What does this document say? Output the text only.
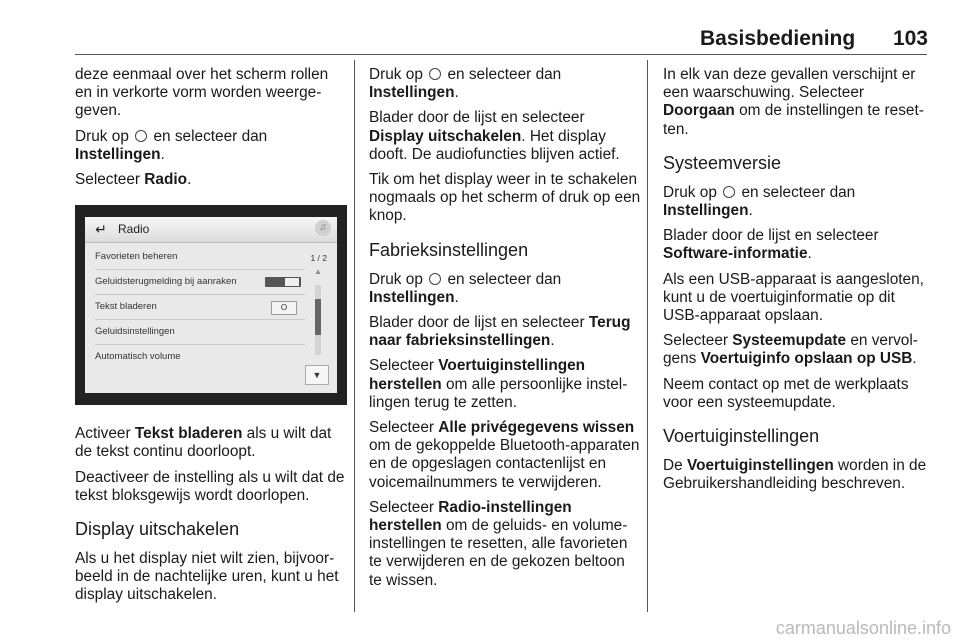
Basisbediening	103

deze eenmaal over het scherm rollen en in verkorte vorm worden weergegeven.

Druk op  en selecteer dan
Instellingen.

Selecteer Radio.

↵ Radio	♫
Favorieten beheren
Geluidsterugmelding bij aanraken
Tekst bladeren	O
Geluidsinstellingen
Automatisch volume
1 / 2
▲
▼

Activeer Tekst bladeren als u wilt dat de tekst continu doorloopt.

Deactiveer de instelling als u wilt dat de tekst bloksgewijs wordt doorlopen.

Display uitschakelen

Als u het display niet wilt zien, bijvoorbeeld in de nachtelijke uren, kunt u het display uitschakelen.

Druk op  en selecteer dan
Instellingen.

Blader door de lijst en selecteer Display uitschakelen. Het display dooft. De audiofuncties blijven actief.

Tik om het display weer in te schakelen nogmaals op het scherm of druk op een knop.

Fabrieksinstellingen

Druk op  en selecteer dan
Instellingen.

Blader door de lijst en selecteer Terug naar fabrieksinstellingen.

Selecteer Voertuiginstellingen herstellen om alle persoonlijke instellingen terug te zetten.

Selecteer Alle privégegevens wissen om de gekoppelde Bluetooth-apparaten en de opgeslagen contactenlijst en voicemailnummers te verwijderen.

Selecteer Radio-instellingen herstellen om de geluids- en volume-instellingen te resetten, alle favorieten te verwijderen en de gekozen beltoon te wissen.

In elk van deze gevallen verschijnt er een waarschuwing. Selecteer Doorgaan om de instellingen te resetten.

Systeemversie

Druk op  en selecteer dan
Instellingen.

Blader door de lijst en selecteer Software-informatie.

Als een USB-apparaat is aangesloten, kunt u de voertuiginformatie op dit USB-apparaat opslaan.

Selecteer Systeemupdate en vervolgens Voertuiginfo opslaan op USB.

Neem contact op met de werkplaats voor een systeemupdate.

Voertuiginstellingen

De Voertuiginstellingen worden in de Gebruikershandleiding beschreven.

carmanualsonline.info
